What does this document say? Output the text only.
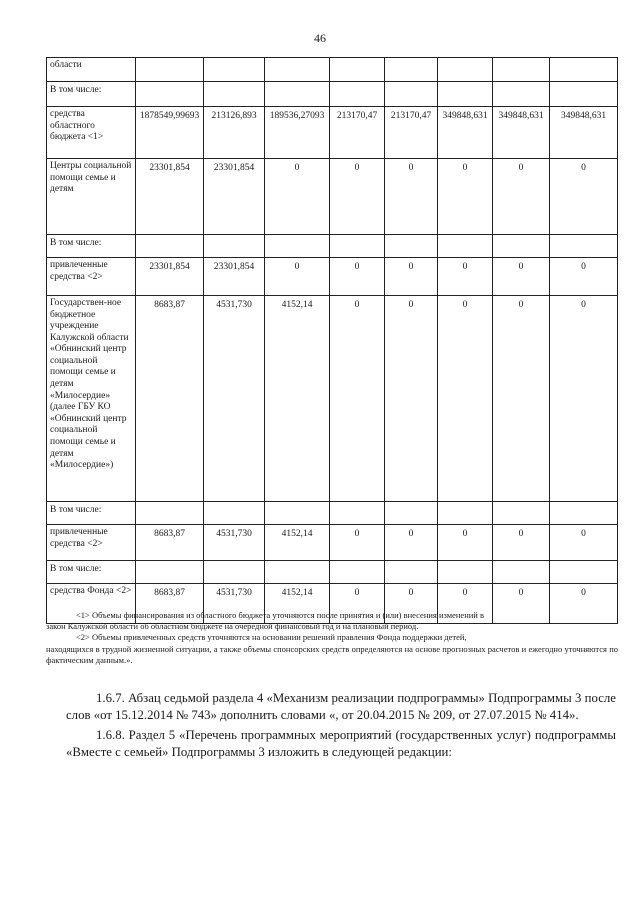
46
области								
В том числе:								
средства областного бюджета <1>	1878549,99693	213126,893	189536,27093	213170,47	213170,47	349848,631	349848,631	349848,631
Центры социальной помощи семье и детям	23301,854	23301,854	0	0	0	0	0	0
В том числе:								
привлеченные средства <2>	23301,854	23301,854	0	0	0	0	0	0
Государствен-ное бюджетное учреждение Калужской области «Обнинский центр социальной помощи семье и детям «Милосердие» (далее ГБУ КО «Обнинский центр социальной помощи семье и детям «Милосердие»)	8683,87	4531,730	4152,14	0	0	0	0	0
В том числе:								
привлеченные средства <2>	8683,87	4531,730	4152,14	0	0	0	0	0
В том числе:								
средства Фонда <2>	8683,87	4531,730	4152,14	0	0	0	0	0

<1> Объемы финансирования из областного бюджета уточняются после принятия и (или) внесения изменений в

закон Калужской области об областном бюджете на очередной финансовый год и на плановый период.

<2> Объемы привлеченных средств уточняются на основании решений правления Фонда поддержки детей,

находящихся в трудной жизненной ситуации, а также объемы спонсорских средств определяются на основе прогнозных расчетов и ежегодно уточняются по фактическим данным.».

1.6.7. Абзац седьмой раздела 4 «Механизм реализации подпрограммы» Подпрограммы 3 после слов «от 15.12.2014 № 743» дополнить словами «, от 20.04.2015 № 209, от 27.07.2015 № 414».

1.6.8. Раздел 5 «Перечень программных мероприятий (государственных услуг) подпрограммы «Вместе с семьей» Подпрограммы 3 изложить в следующей редакции:
